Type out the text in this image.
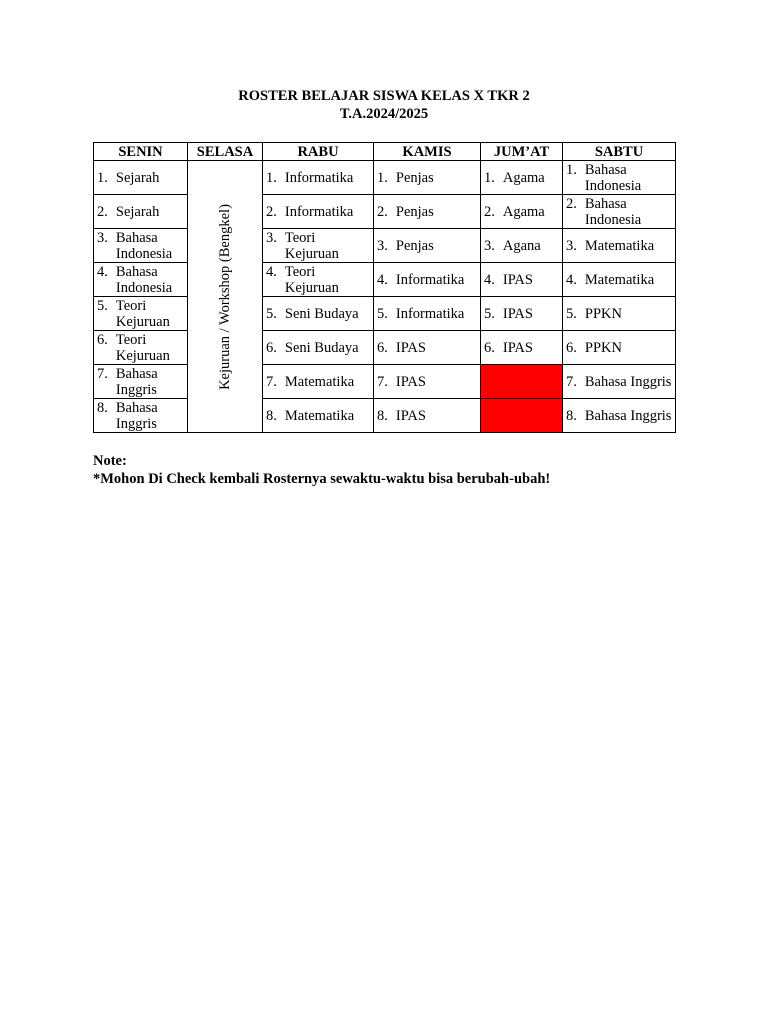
ROSTER BELAJAR SISWA KELAS X TKR 2
T.A.2024/2025
SENIN	SELASA	RABU	KAMIS	JUM’AT	SABTU

1. Sejarah	Kejuruan / Workshop (Bengkel)	1. Informatika	1. Penjas	1. Agama	1. Bahasa Indonesia

2. Sejarah		2. Informatika	2. Penjas	2. Agama	2. Bahasa Indonesia

3. Bahasa Indonesia		3. Teori Kejuruan	3. Penjas	3. Agana	3. Matematika

4. Bahasa Indonesia		4. Teori Kejuruan	4. Informatika	4. IPAS	4. Matematika

5. Teori Kejuruan		5. Seni Budaya	5. Informatika	5. IPAS	5. PPKN

6. Teori Kejuruan		6. Seni Budaya	6. IPAS	6. IPAS	6. PPKN

7. Bahasa Inggris		7. Matematika	7. IPAS		7. Bahasa Inggris

8. Bahasa Inggris		8. Matematika	8. IPAS		8. Bahasa Inggris
Note:
*Mohon Di Check kembali Rosternya sewaktu-waktu bisa berubah-ubah!
